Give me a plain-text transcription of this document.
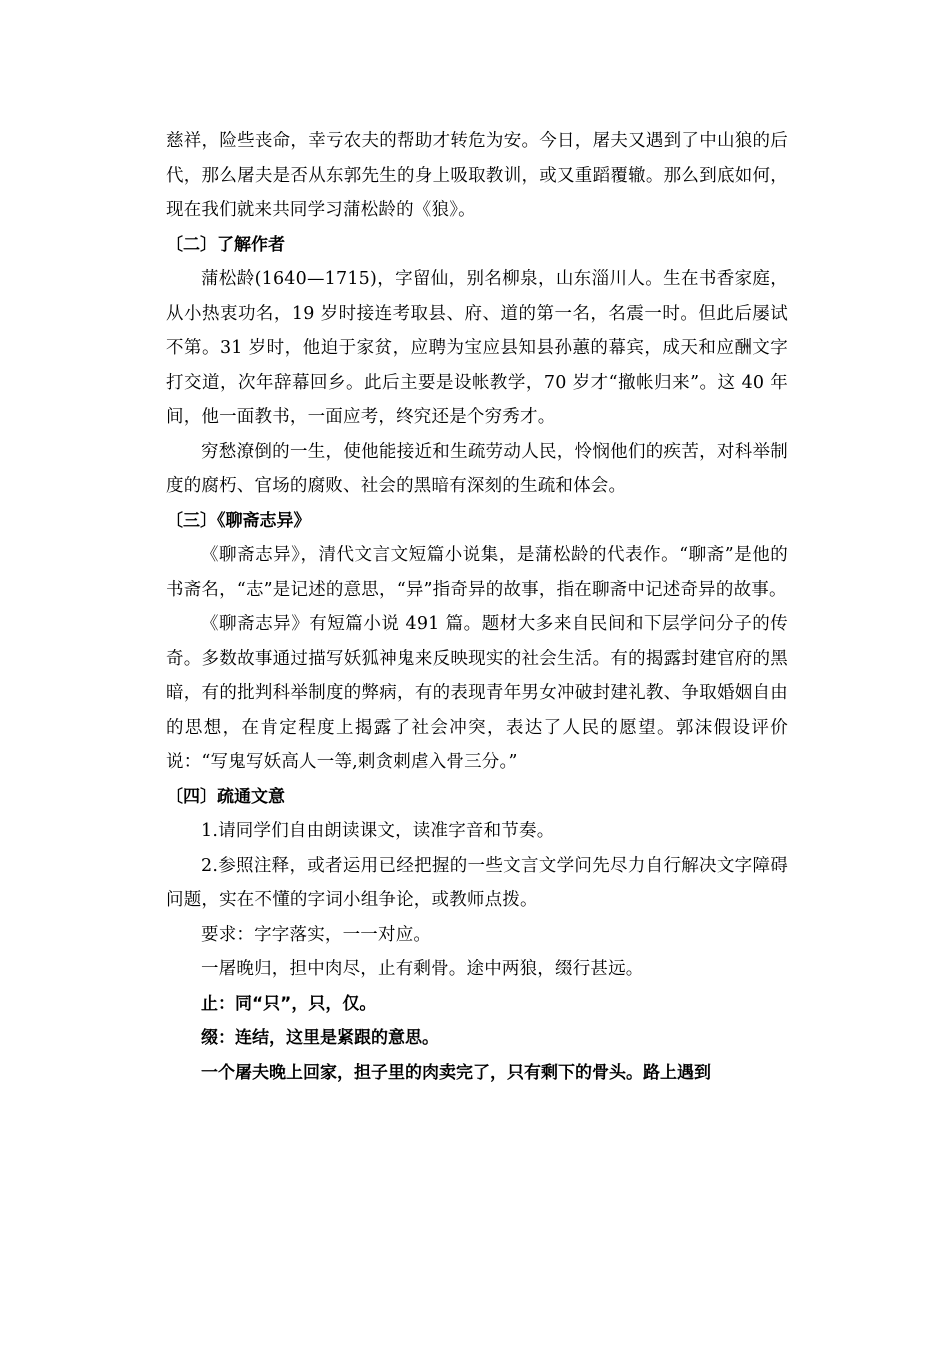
慈祥，险些丧命，幸亏农夫的帮助才转危为安。今日，屠夫又遇到了中山狼的后代，那么屠夫是否从东郭先生的身上吸取教训，或又重蹈覆辙。那么到底如何，现在我们就来共同学习蒲松龄的《狼》。

〔二〕了解作者

蒲松龄(1640—1715)，字留仙，别名柳泉，山东淄川人。生在书香家庭，从小热衷功名，19 岁时接连考取县、府、道的第一名，名震一时。但此后屡试不第。31 岁时，他迫于家贫，应聘为宝应县知县孙蕙的幕宾，成天和应酬文字打交道，次年辞幕回乡。此后主要是设帐教学，70 岁才“撤帐归来”。这 40 年间，他一面教书，一面应考，终究还是个穷秀才。

穷愁潦倒的一生，使他能接近和生疏劳动人民，怜悯他们的疾苦，对科举制度的腐朽、官场的腐败、社会的黑暗有深刻的生疏和体会。

〔三〕《聊斋志异》

《聊斋志异》，清代文言文短篇小说集，是蒲松龄的代表作。“聊斋”是他的书斋名，“志”是记述的意思，“异”指奇异的故事，指在聊斋中记述奇异的故事。

《聊斋志异》有短篇小说 491 篇。题材大多来自民间和下层学问分子的传奇。多数故事通过描写妖狐神鬼来反映现实的社会生活。有的揭露封建官府的黑暗，有的批判科举制度的弊病，有的表现青年男女冲破封建礼教、争取婚姻自由的思想，在肯定程度上揭露了社会冲突，表达了人民的愿望。郭沫假设评价说：“写鬼写妖高人一等,刺贪刺虐入骨三分。”

〔四〕疏通文意

1.请同学们自由朗读课文，读准字音和节奏。

2.参照注释，或者运用已经把握的一些文言文学问先尽力自行解决文字障碍问题，实在不懂的字词小组争论，或教师点拨。

要求：字字落实，一一对应。

一屠晚归，担中肉尽，止有剩骨。途中两狼，缀行甚远。

止：同“只”，只，仅。

缀：连结，这里是紧跟的意思。

一个屠夫晚上回家，担子里的肉卖完了，只有剩下的骨头。路上遇到
